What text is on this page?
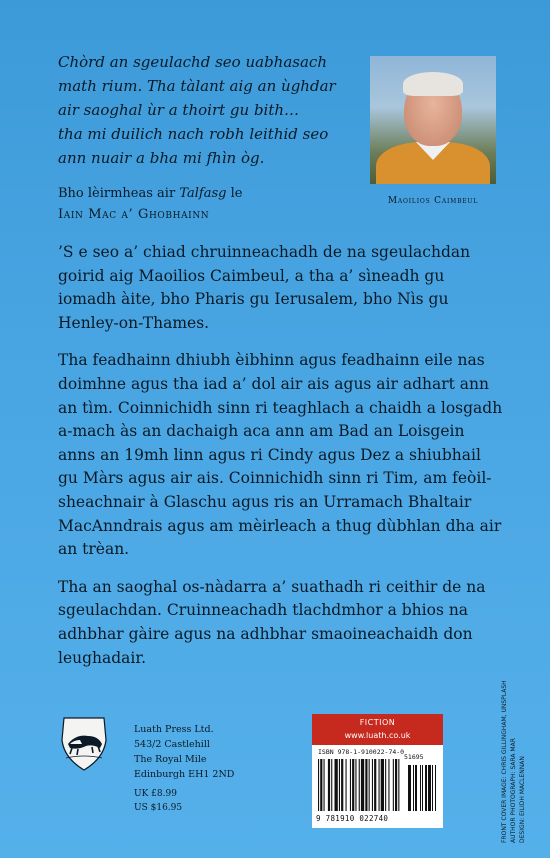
Chòrd an sgeulachd seo uabhasach

math rium. Tha tàlant aig an ùghdar

air saoghal ùr a thoirt gu bith…

tha mi duilich nach robh leithid seo

ann nuair a bha mi fhìn òg.

Bho lèirmheas air Talfasg le
Iain Mac a’ Ghobhainn
Maoilios Caimbeul

’S e seo a’ chiad chruinneachadh de na sgeulachdan goirid aig Maoilios Caimbeul, a tha a’ sìneadh gu iomadh àite, bho Pharis gu Ierusalem, bho Nìs gu Henley-on-Thames.

Tha feadhainn dhiubh èibhinn agus feadhainn eile nas doimhne agus tha iad a’ dol air ais agus air adhart ann an tìm. Coinnichidh sinn ri teaghlach a chaidh a losgadh a-mach às an dachaigh aca ann am Bad an Loisgein anns an 19mh linn agus ri Cindy agus Dez a shiubhail gu Màrs agus air ais. Coinnichidh sinn ri Tim, am feòil-sheachnair à Glaschu agus ris an Urramach Bhaltair MacAnndrais agus am mèirleach a thug dùbhlan dha air an trèan.

Tha an saoghal os-nàdarra a’ suathadh ri ceithir de na sgeulachdan. Cruinneachadh tlachdmhor a bhios na adhbhar gàire agus na adhbhar smaoineachaidh don leughadair.

Luath Press Ltd.
543/2 Castlehill
The Royal Mile
Edinburgh EH1 2ND
UK £8.99
US $16.95
FICTION
www.luath.co.uk
ISBN 978-1-910022-74-0
51695
9 781910 022740	FRONT COVER IMAGE: CHRIS GILLINGHAM, UNSPLASH AUTHOR PHOTOGRAPH: SARA MAR DESIGN: EILIDH MACLENNAN
